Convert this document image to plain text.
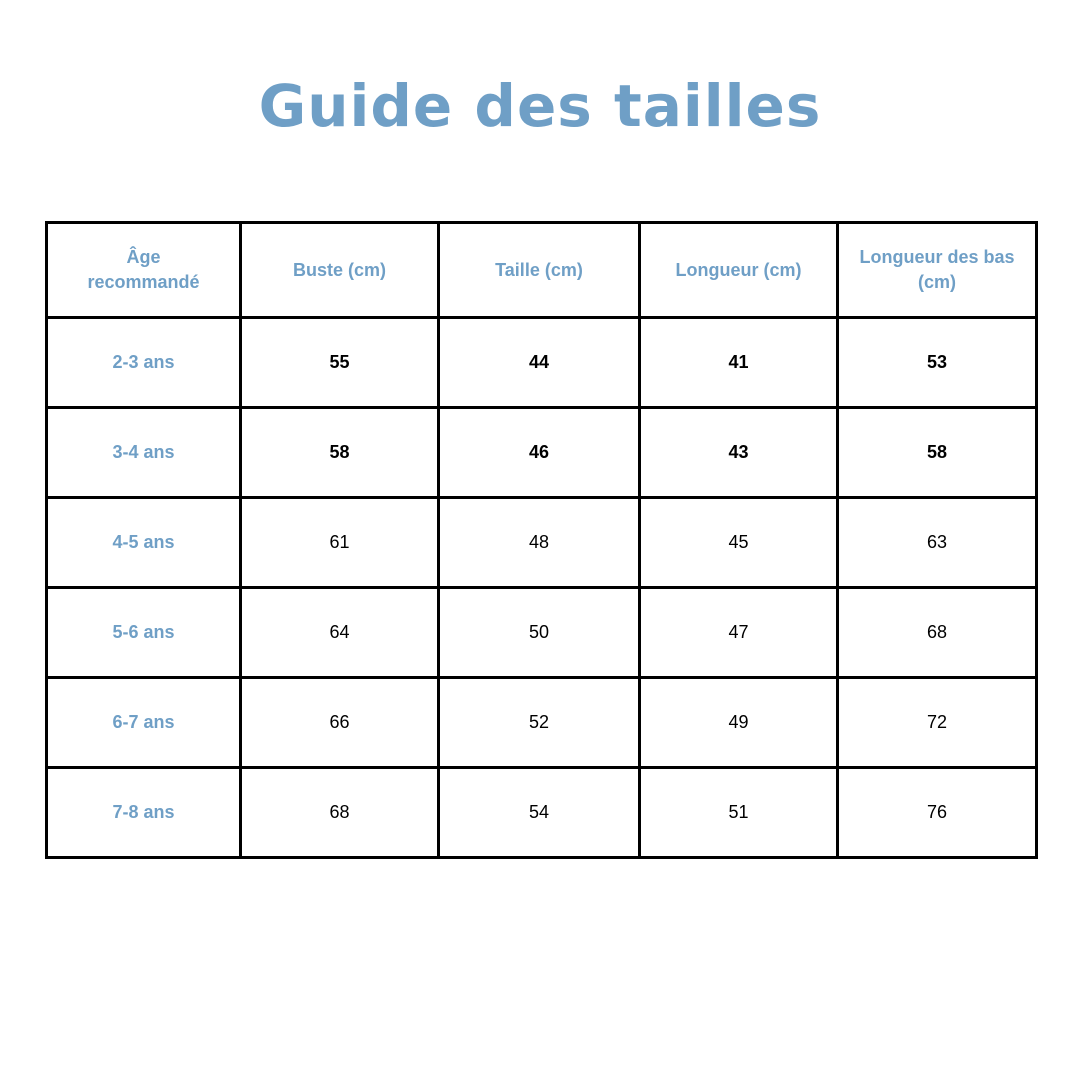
Guide des tailles
Âge
recommandé	Buste (cm)	Taille (cm)	Longueur (cm)	Longueur des bas (cm)
2-3 ans	55	44	41	53
3-4 ans	58	46	43	58
4-5 ans	61	48	45	63
5-6 ans	64	50	47	68
6-7 ans	66	52	49	72
7-8 ans	68	54	51	76
